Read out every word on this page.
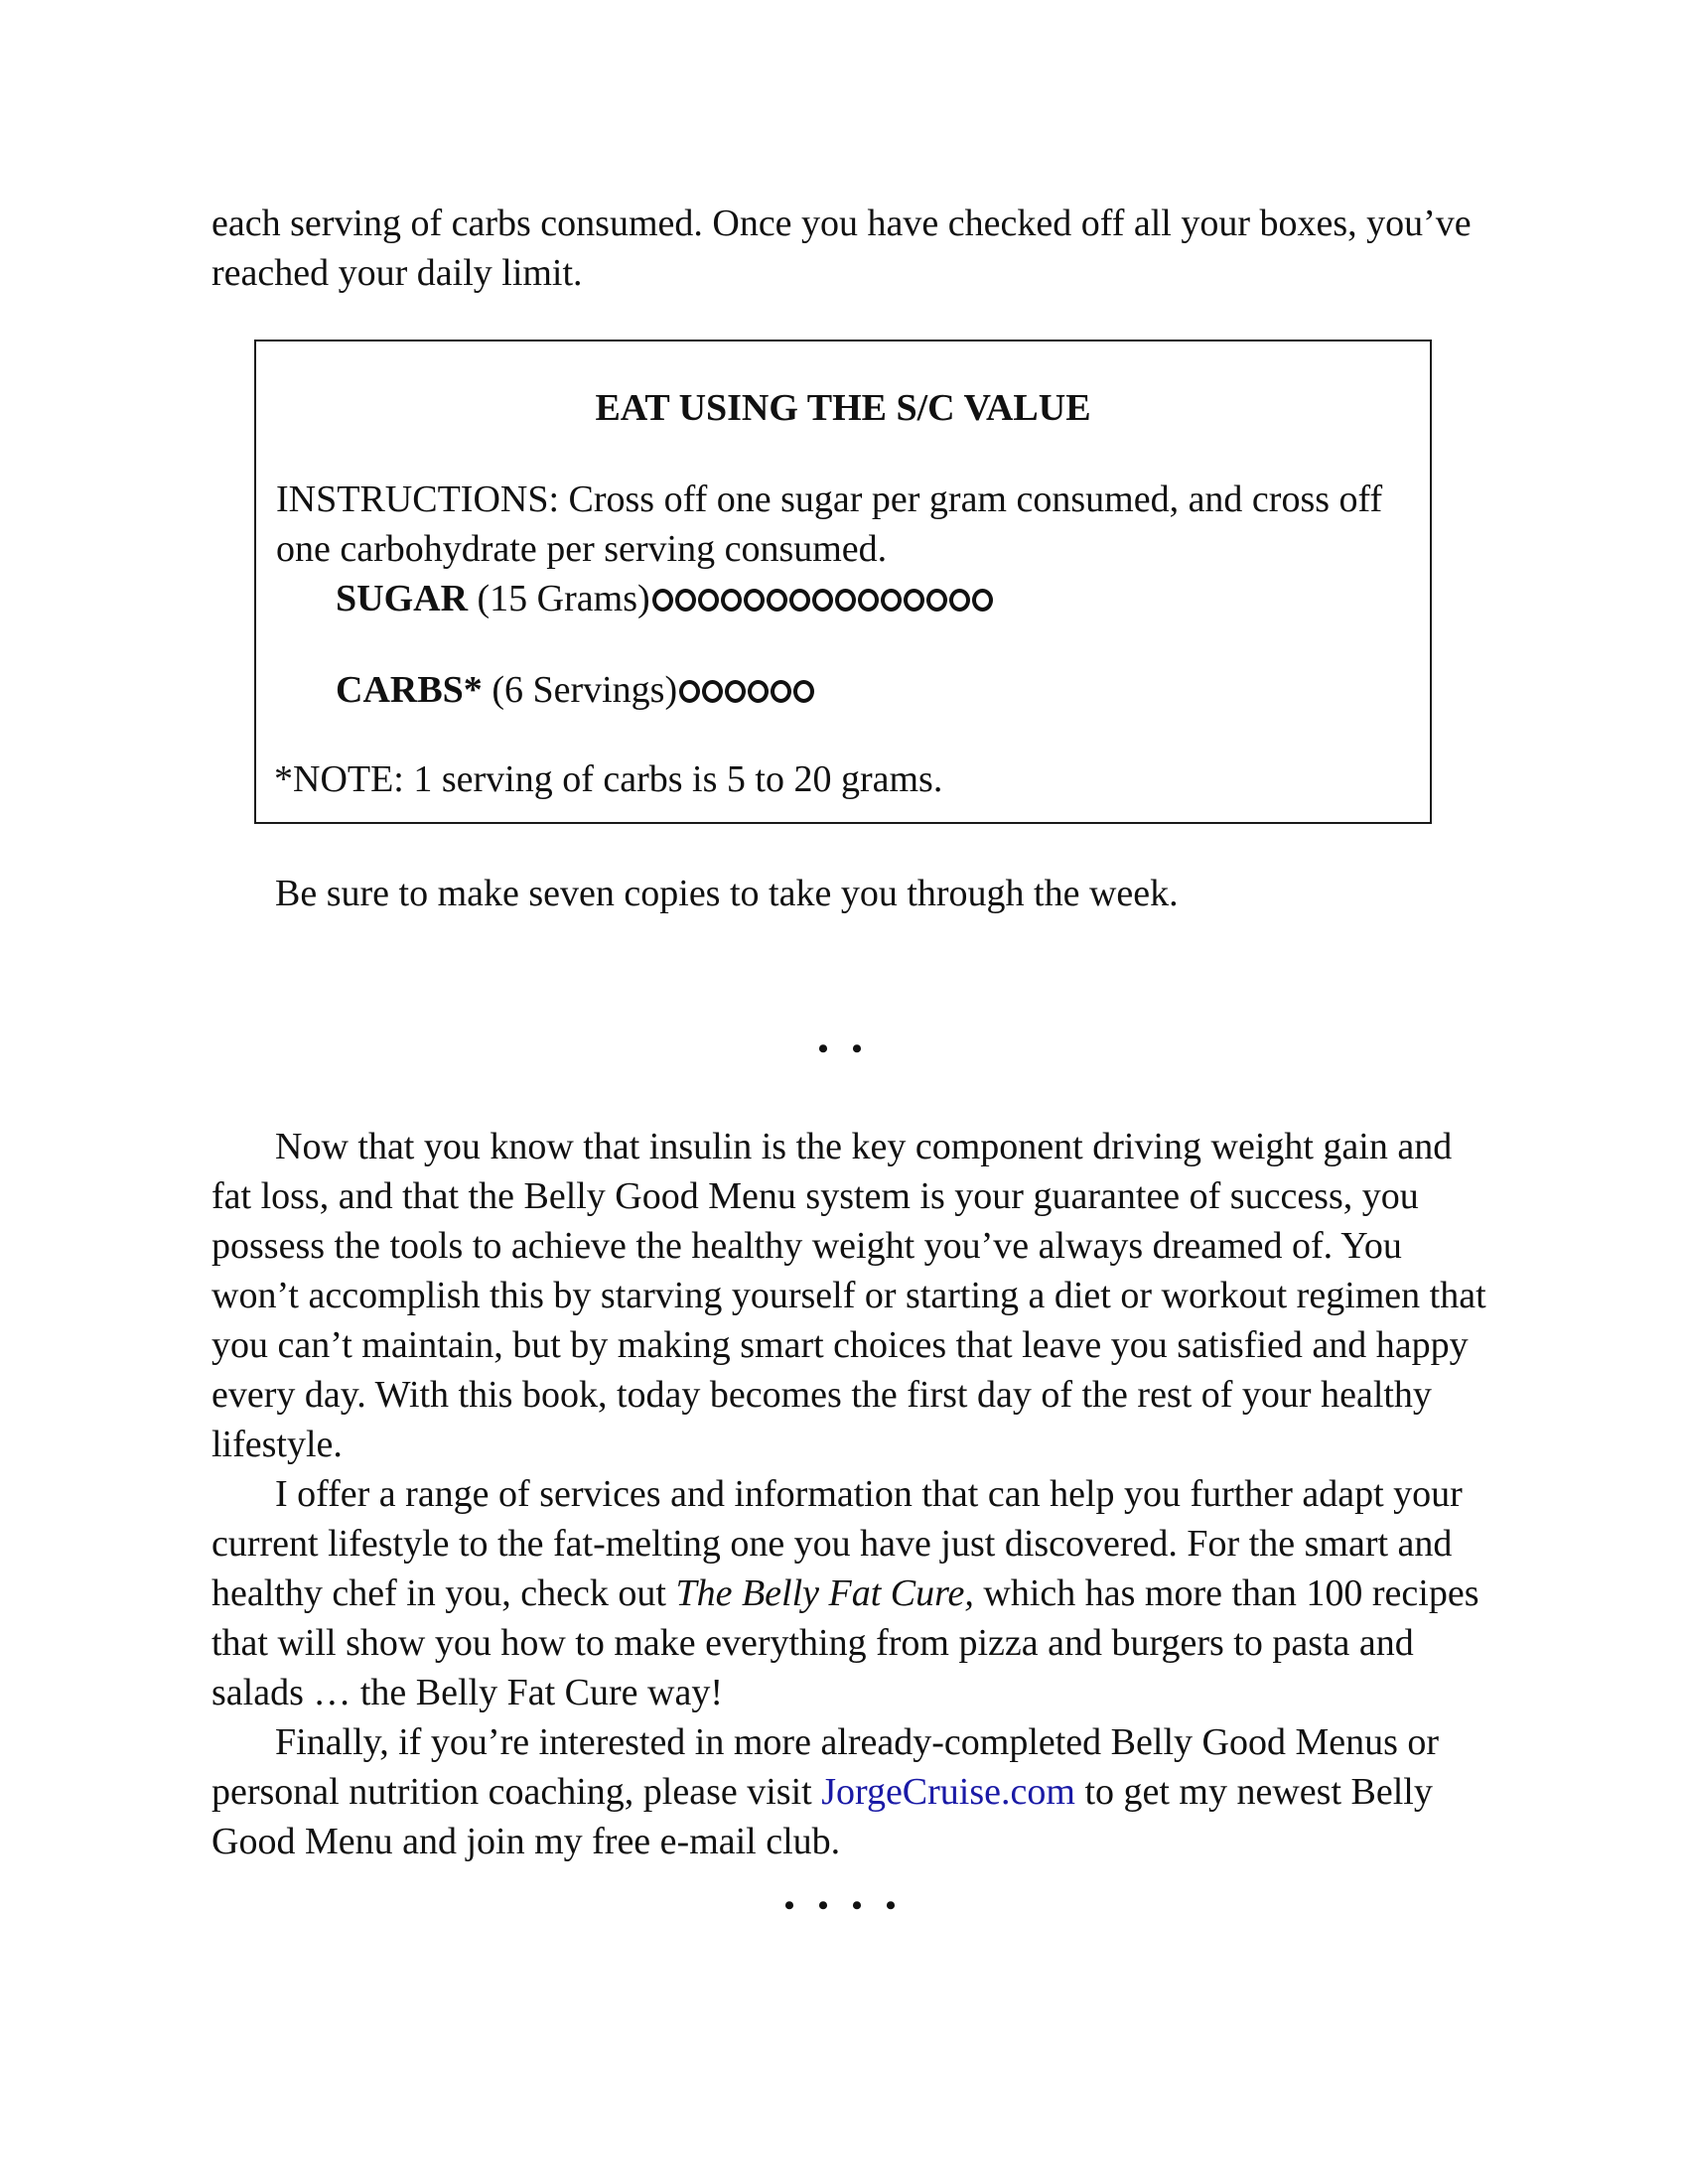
each serving of carbs consumed. Once you have checked off all your boxes, you’ve reached your daily limit.

EAT USING THE S/C VALUE

INSTRUCTIONS: Cross off one sugar per gram consumed, and cross off one carbohydrate per serving consumed.

SUGAR (15 Grams)
CARBS* (6 Servings)

*NOTE: 1 serving of carbs is 5 to 20 grams.

Be sure to make seven copies to take you through the week.

• •

Now that you know that insulin is the key component driving weight gain and fat loss, and that the Belly Good Menu system is your guarantee of success, you possess the tools to achieve the healthy weight you’ve always dreamed of. You won’t accomplish this by starving yourself or starting a diet or workout regimen that you can’t maintain, but by making smart choices that leave you satisfied and happy every day. With this book, today becomes the first day of the rest of your healthy lifestyle.

I offer a range of services and information that can help you further adapt your current lifestyle to the fat-melting one you have just discovered. For the smart and healthy chef in you, check out The Belly Fat Cure, which has more than 100 recipes that will show you how to make everything from pizza and burgers to pasta and salads … the Belly Fat Cure way!

Finally, if you’re interested in more already-completed Belly Good Menus or personal nutrition coaching, please visit JorgeCruise.com to get my newest Belly Good Menu and join my free e-mail club.

• • • •
